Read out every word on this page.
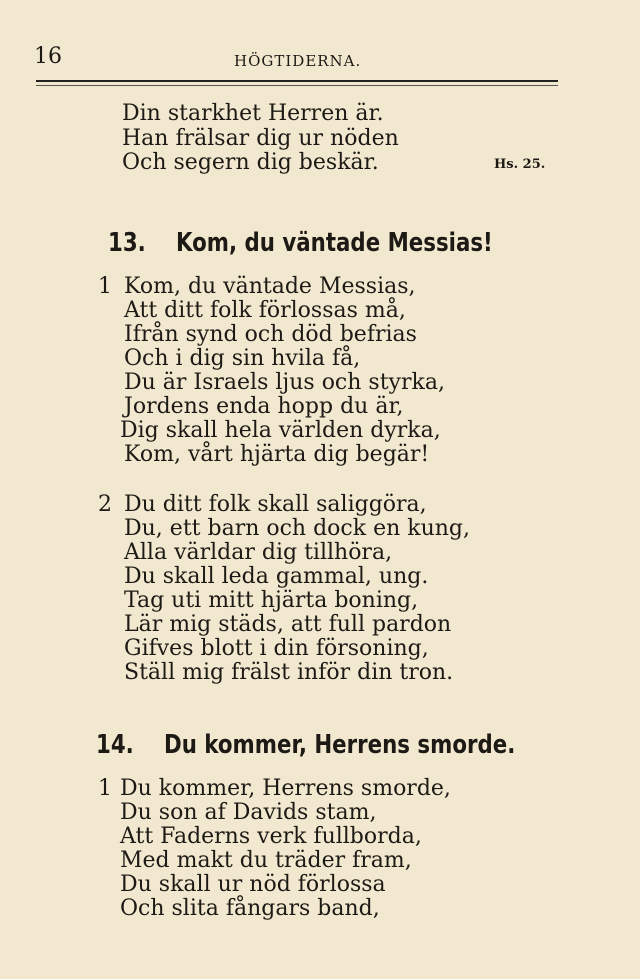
16	HÖGTIDERNA.
Din starkhet Herren är.
Han frälsar dig ur nöden
Och segern dig beskär.	Hs. 25.
13. Kom, du väntade Messias!
1 Kom, du väntade Messias,
Att ditt folk förlossas må,
Ifrån synd och död befrias
Och i dig sin hvila få,
Du är Israels ljus och styrka,
Jordens enda hopp du är,
Dig skall hela världen dyrka,
Kom, vårt hjärta dig begär!
2 Du ditt folk skall saliggöra,
Du, ett barn och dock en kung,
Alla världar dig tillhöra,
Du skall leda gammal, ung.
Tag uti mitt hjärta boning,
Lär mig städs, att full pardon
Gifves blott i din försoning,
Ställ mig frälst inför din tron.
14. Du kommer, Herrens smorde.
1 Du kommer, Herrens smorde,
Du son af Davids stam,
Att Faderns verk fullborda,
Med makt du träder fram,
Du skall ur nöd förlossa
Och slita fångars band,
